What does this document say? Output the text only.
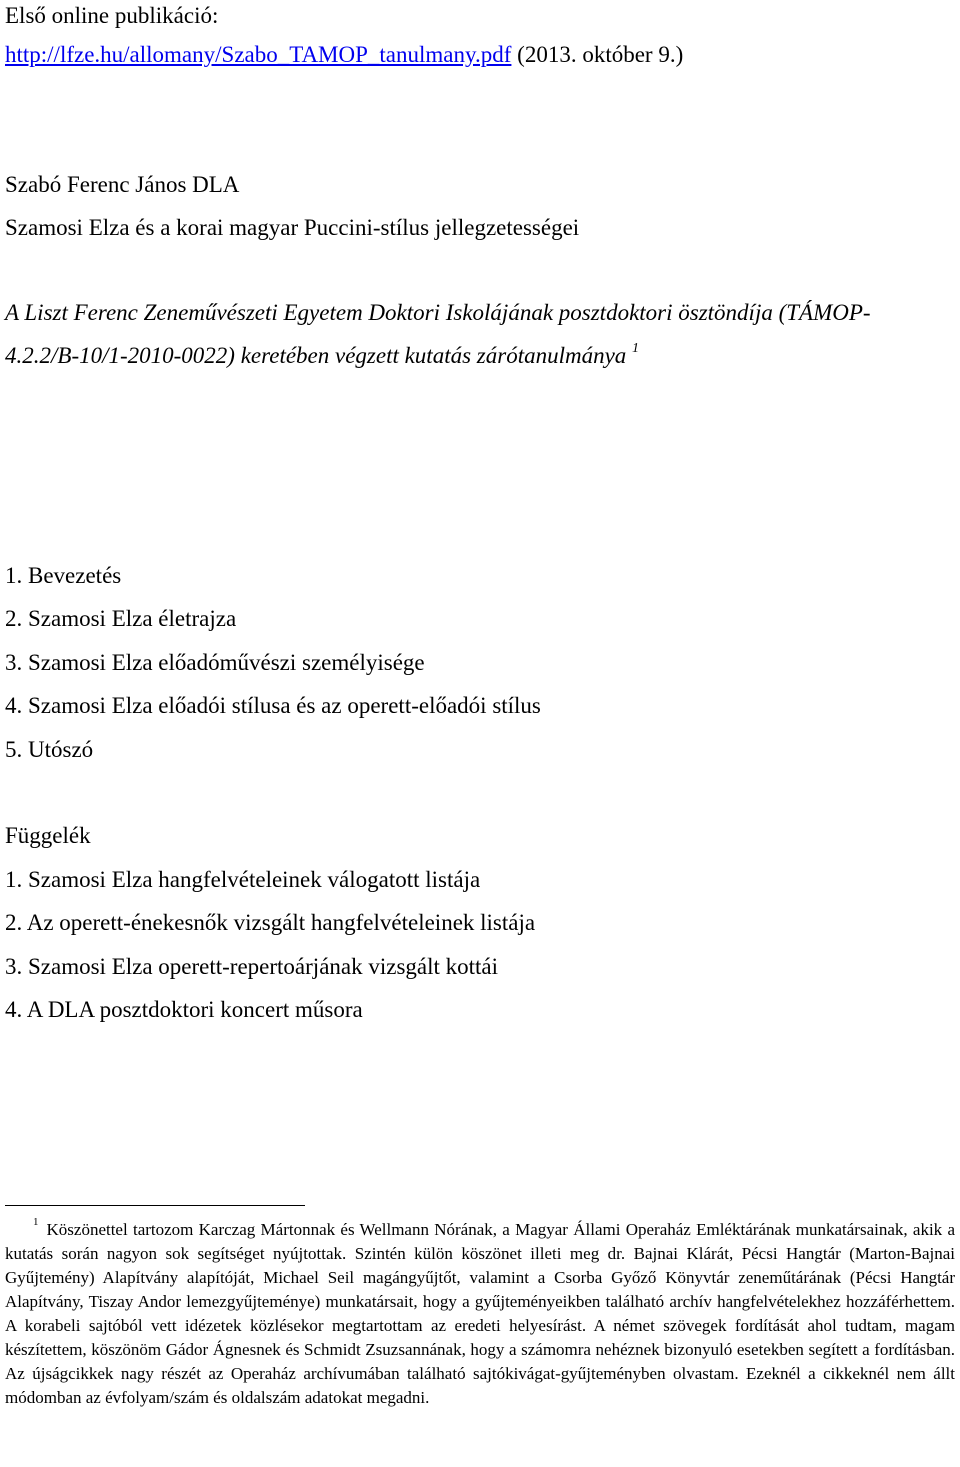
Első online publikáció:
http://lfze.hu/allomany/Szabo_TAMOP_tanulmany.pdf (2013. október 9.)
Szabó Ferenc János DLA
Szamosi Elza és a korai magyar Puccini-stílus jellegzetességei
A Liszt Ferenc Zeneművészeti Egyetem Doktori Iskolájának posztdoktori ösztöndíja (TÁMOP-
4.2.2/B-10/1-2010-0022) keretében végzett kutatás zárótanulmánya $^1$
1. Bevezetés
2. Szamosi Elza életrajza
3. Szamosi Elza előadóművészi személyisége
4. Szamosi Elza előadói stílusa és az operett-előadói stílus
5. Utószó
Függelék
1. Szamosi Elza hangfelvételeinek válogatott listája
2. Az operett-énekesnők vizsgált hangfelvételeinek listája
3. Szamosi Elza operett-repertoárjának vizsgált kottái
4. A DLA posztdoktori koncert műsora

$^1$ Köszönettel tartozom Karczag Mártonnak és Wellmann Nórának, a Magyar Állami Operaház Emléktárának munkatársainak, akik a kutatás során nagyon sok segítséget nyújtottak. Szintén külön köszönet illeti meg dr. Bajnai Klárát, Pécsi Hangtár (Marton-Bajnai Gyűjtemény) Alapítvány alapítóját, Michael Seil magángyűjtőt, valamint a Csorba Győző Könyvtár zeneműtárának (Pécsi Hangtár Alapítvány, Tiszay Andor lemezgyűjteménye) munkatársait, hogy a gyűjteményeikben található archív hangfelvételekhez hozzáférhettem. A korabeli sajtóból vett idézetek közlésekor megtartottam az eredeti helyesírást. A német szövegek fordítását ahol tudtam, magam készítettem, köszönöm Gádor Ágnesnek és Schmidt Zsuzsannának, hogy a számomra nehéznek bizonyuló esetekben segített a fordításban. Az újságcikkek nagy részét az Operaház archívumában található sajtókivágat-gyűjteményben olvastam. Ezeknél a cikkeknél nem állt módomban az évfolyam/szám és oldalszám adatokat megadni.
